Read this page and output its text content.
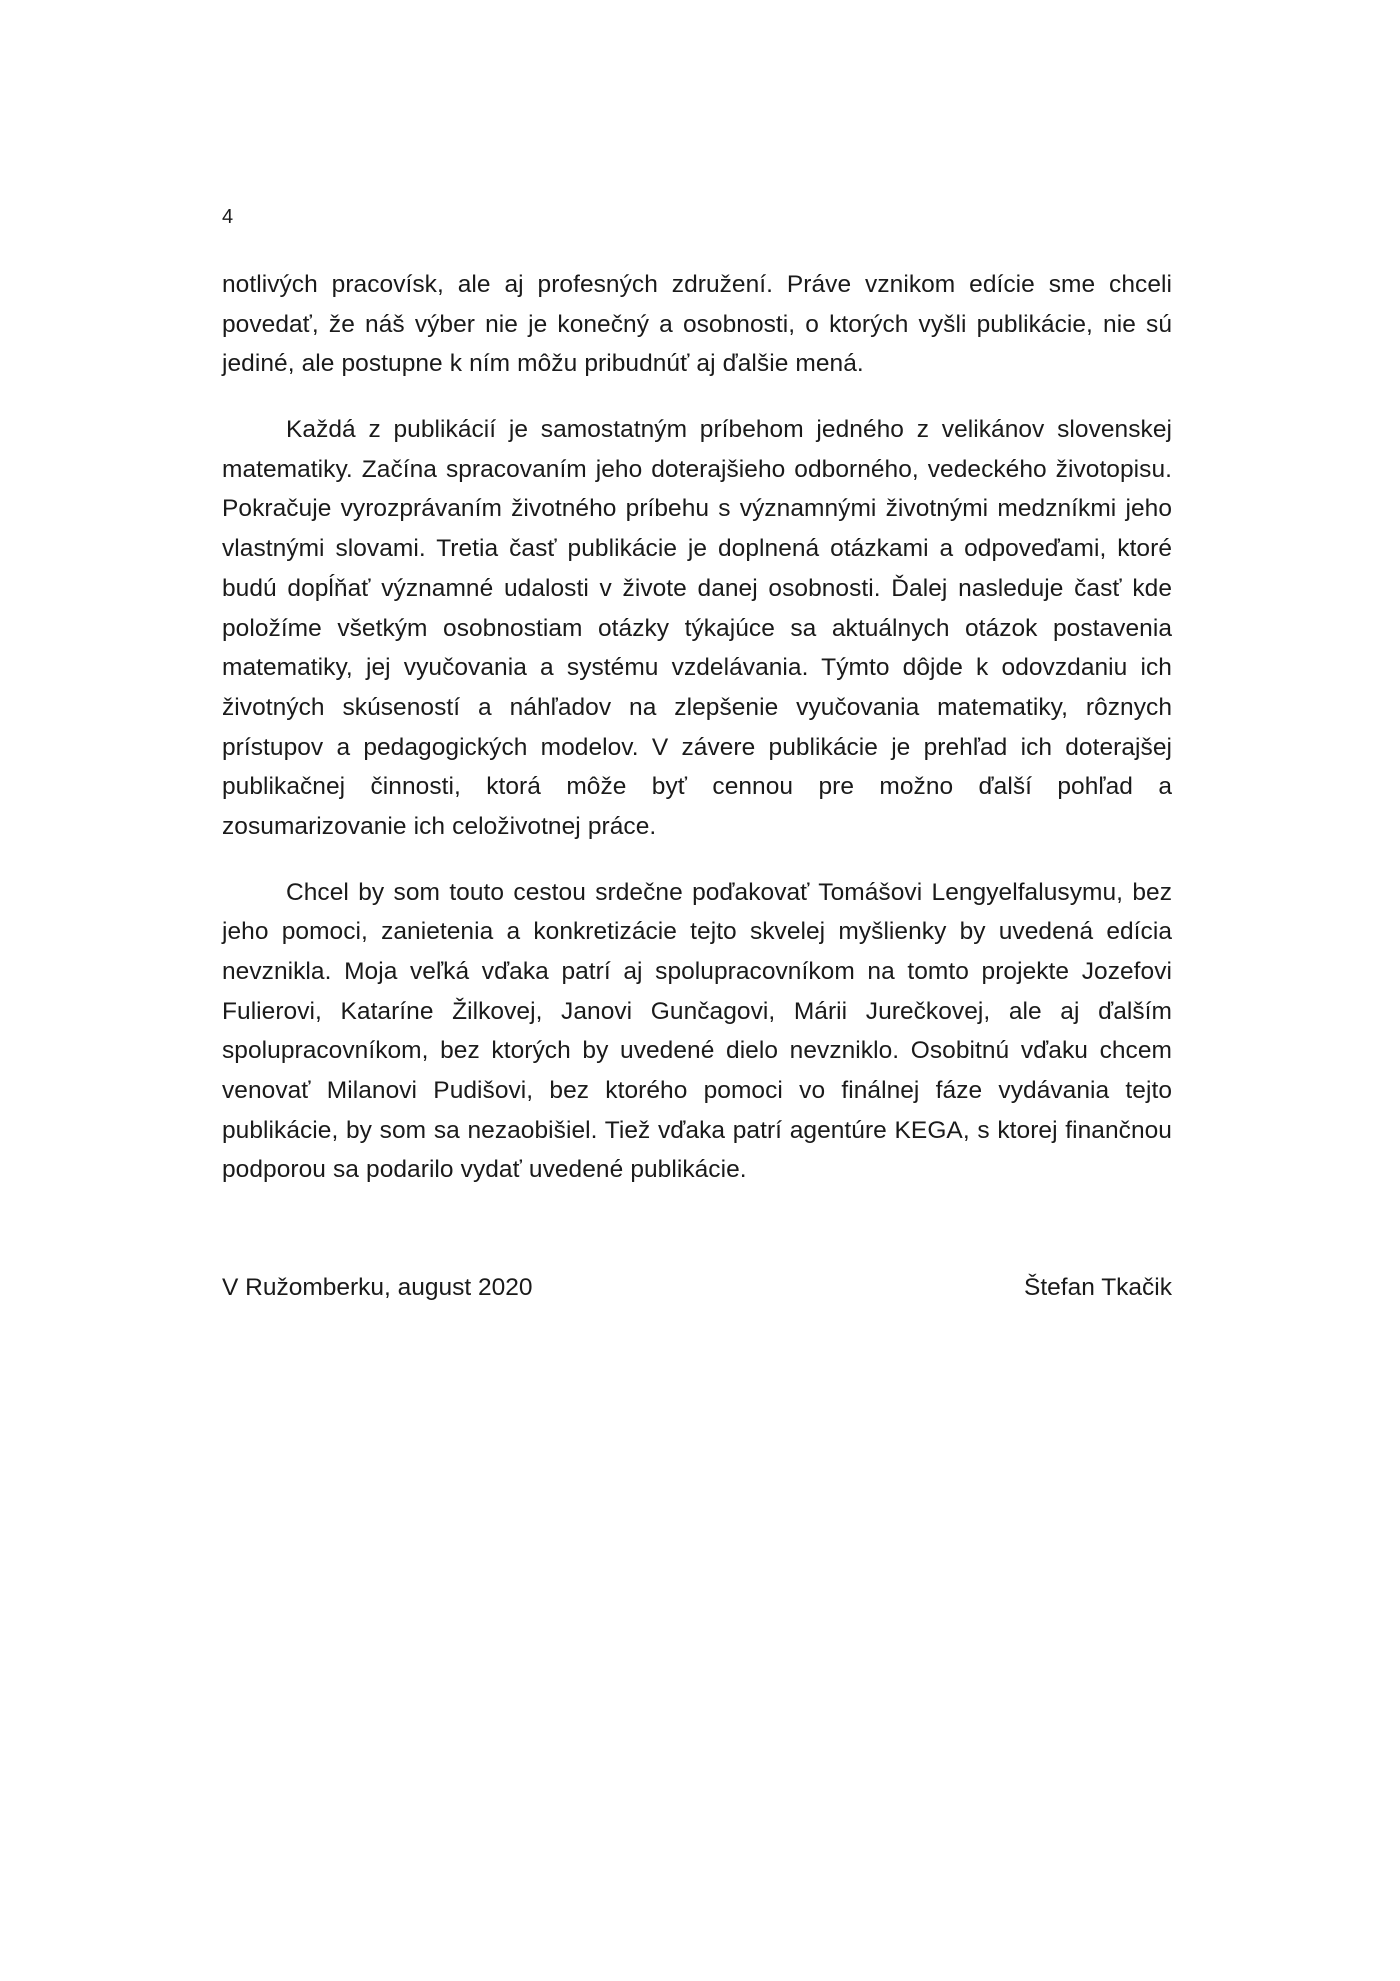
4

notlivých pracovísk, ale aj profesných združení. Práve vznikom edície sme chceli povedať, že náš výber nie je konečný a osobnosti, o ktorých vyšli publikácie, nie sú jediné, ale postupne k ním môžu pribudnúť aj ďalšie mená.

Každá z publikácií je samostatným príbehom jedného z velikánov slovenskej matematiky. Začína spracovaním jeho doterajšieho odborného, vedeckého životopisu. Pokračuje vyrozprávaním životného príbehu s významnými životnými medzníkmi jeho vlastnými slovami. Tretia časť publikácie je doplnená otázkami a odpoveďami, ktoré budú dopĺňať významné udalosti v živote danej osobnosti. Ďalej nasleduje časť kde položíme všetkým osobnostiam otázky týkajúce sa aktuálnych otázok postavenia matematiky, jej vyučovania a systému vzdelávania. Týmto dôjde k odovzdaniu ich životných skúseností a náhľadov na zlepšenie vyučovania matematiky, rôznych prístupov a pedagogických modelov. V závere publikácie je prehľad ich doterajšej publikačnej činnosti, ktorá môže byť cennou pre možno ďalší pohľad a zosumarizovanie ich celoživotnej práce.

Chcel by som touto cestou srdečne poďakovať Tomášovi Lengyelfalusymu, bez jeho pomoci, zanietenia a konkretizácie tejto skvelej myšlienky by uvedená edícia nevznikla. Moja veľká vďaka patrí aj spolupracovníkom na tomto projekte Jozefovi Fulierovi, Kataríne Žilkovej, Janovi Gunčagovi, Márii Jurečkovej, ale aj ďalším spolupracovníkom, bez ktorých by uvedené dielo nevzniklo. Osobitnú vďaku chcem venovať Milanovi Pudišovi, bez ktorého pomoci vo finálnej fáze vydávania tejto publikácie, by som sa nezaobišiel. Tiež vďaka patrí agentúre KEGA, s ktorej finančnou podporou sa podarilo vydať uvedené publikácie.

V Ružomberku, august 2020	Štefan Tkačik
